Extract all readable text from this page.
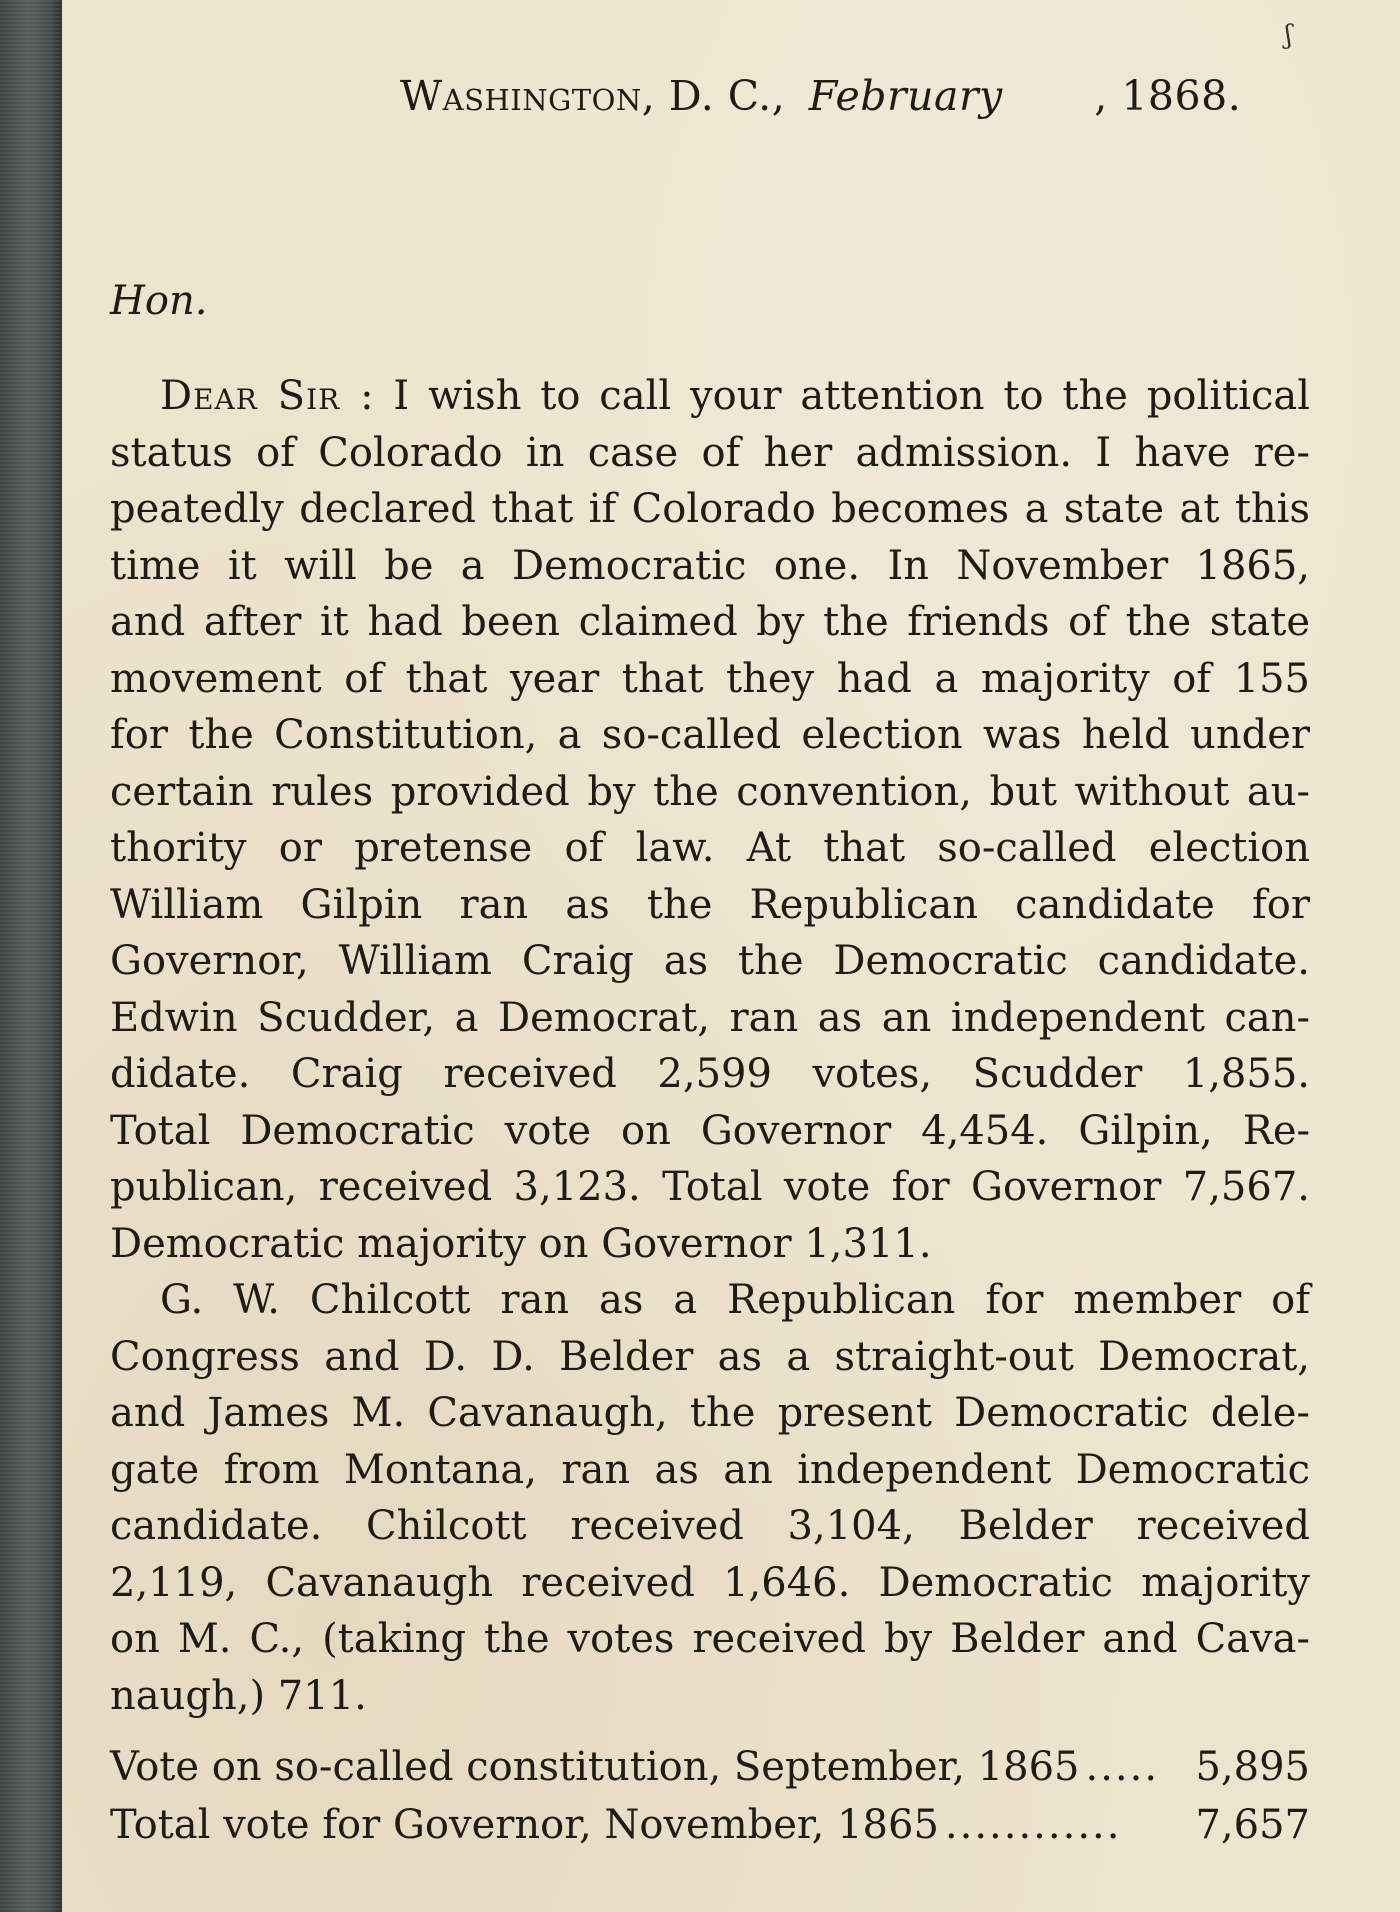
ʃ
Washington, D. C., February , 1868.
Hon.
Dear Sir : I wish to call your attention to the political
status of Colorado in case of her admission. I have re-
peatedly declared that if Colorado becomes a state at this
time it will be a Democratic one. In November 1865,
and after it had been claimed by the friends of the state
movement of that year that they had a majority of 155
for the Constitution, a so-called election was held under
certain rules provided by the convention, but without au-
thority or pretense of law. At that so-called election
William Gilpin ran as the Republican candidate for
Governor, William Craig as the Democratic candidate.
Edwin Scudder, a Democrat, ran as an independent can-
didate. Craig received 2,599 votes, Scudder 1,855.
Total Democratic vote on Governor 4,454. Gilpin, Re-
publican, received 3,123. Total vote for Governor 7,567.
Democratic majority on Governor 1,311.
G. W. Chilcott ran as a Republican for member of
Congress and D. D. Belder as a straight-out Democrat,
and James M. Cavanaugh, the present Democratic dele-
gate from Montana, ran as an independent Democratic
candidate. Chilcott received 3,104, Belder received
2,119, Cavanaugh received 1,646. Democratic majority
on M. C., (taking the votes received by Belder and Cava-
naugh,) 711.
Vote on so-called constitution, September, 1865 ..... 5,895
Total vote for Governor, November, 1865 ............	7,657
